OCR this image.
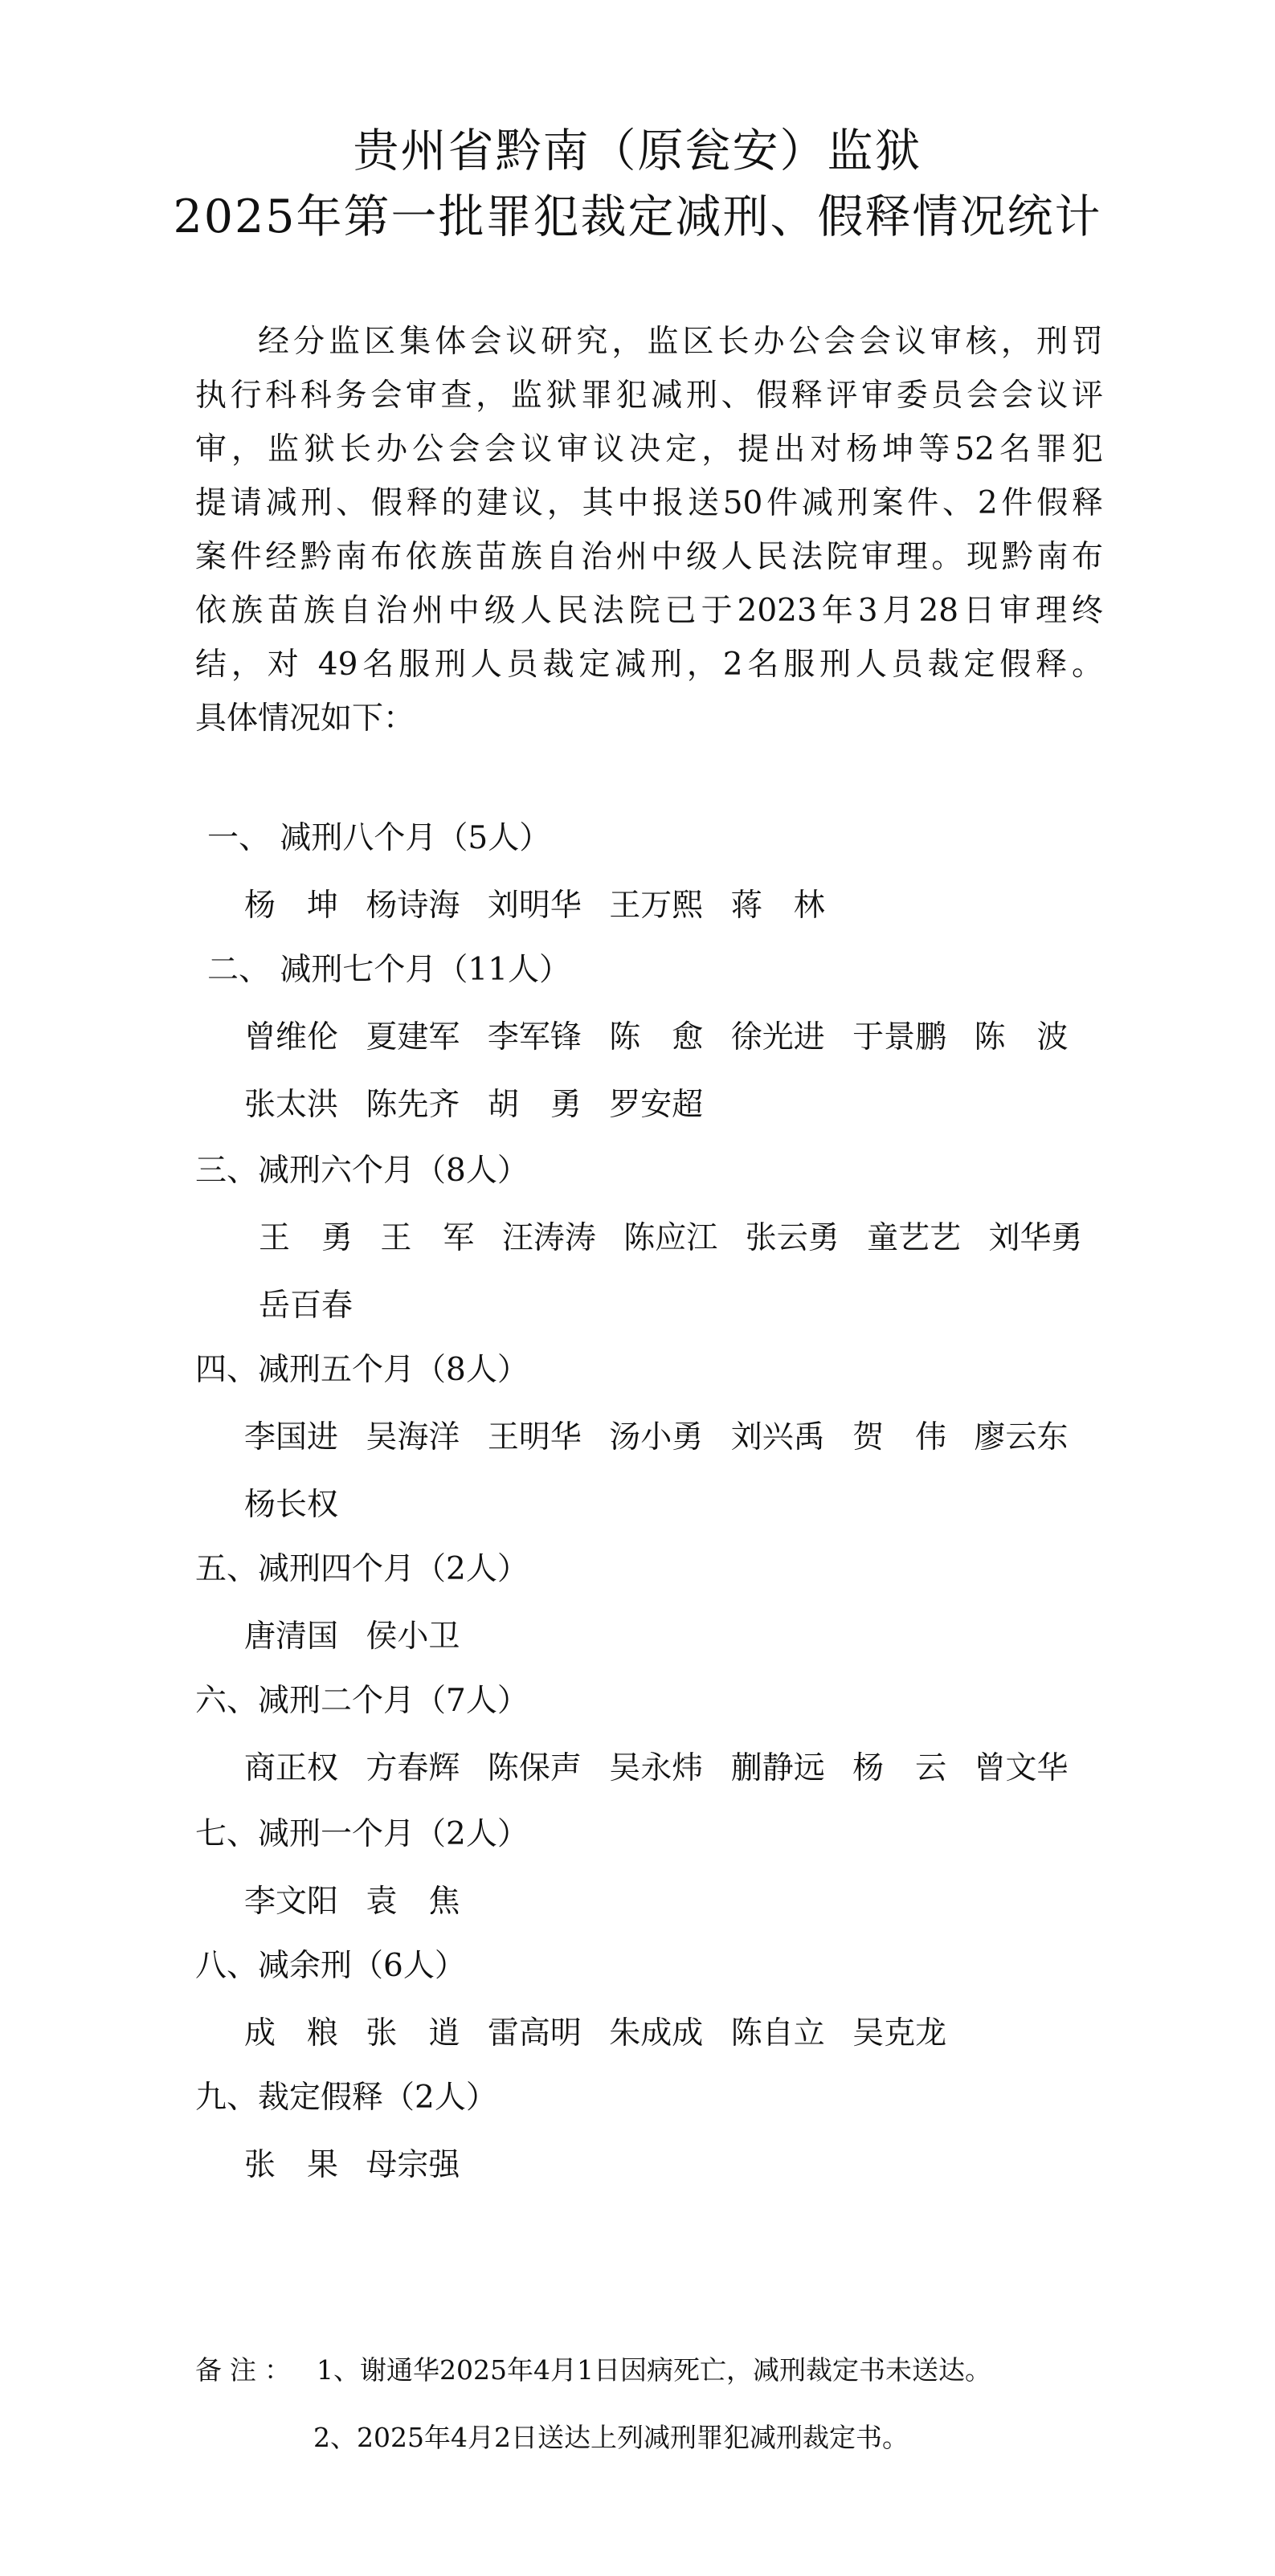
贵州省黔南（原瓮安）监狱
2025年第一批罪犯裁定减刑、假释情况统计
经分监区集体会议研究，监区长办公会会议审核，刑罚
执行科科务会审查，监狱罪犯减刑、假释评审委员会会议评
审，监狱长办公会会议审议决定，提出对杨坤等52名罪犯
提请减刑、假释的建议，其中报送50件减刑案件、2件假释
案件经黔南布依族苗族自治州中级人民法院审理。现黔南布
依族苗族自治州中级人民法院已于2023年3月28日审理终
结，对 49名服刑人员裁定减刑，2名服刑人员裁定假释。
具体情况如下：
一、 减刑八个月（5人）
杨　坤 杨诗海 刘明华 王万熙 蒋　林
二、 减刑七个月（11人）
曾维伦 夏建军 李军锋 陈　愈 徐光进 于景鹏 陈　波
张太洪 陈先齐 胡　勇 罗安超
三、减刑六个月（8人）
王　勇 王　军 汪涛涛 陈应江 张云勇 童艺艺 刘华勇
岳百春
四、减刑五个月（8人）
李国进 吴海洋 王明华 汤小勇 刘兴禹 贺　伟 廖云东
杨长权
五、减刑四个月（2人）
唐清国 侯小卫
六、减刑二个月（7人）
商正权 方春辉 陈保声 吴永炜 蒯静远 杨　云 曾文华
七、减刑一个月（2人）
李文阳 袁　焦
八、减余刑（6人）
成　粮 张　逍 雷高明 朱成成 陈自立 吴克龙
九、裁定假释（2人）
张　果 母宗强
备注： 1、谢通华2025年4月1日因病死亡，减刑裁定书未送达。
2、2025年4月2日送达上列减刑罪犯减刑裁定书。
